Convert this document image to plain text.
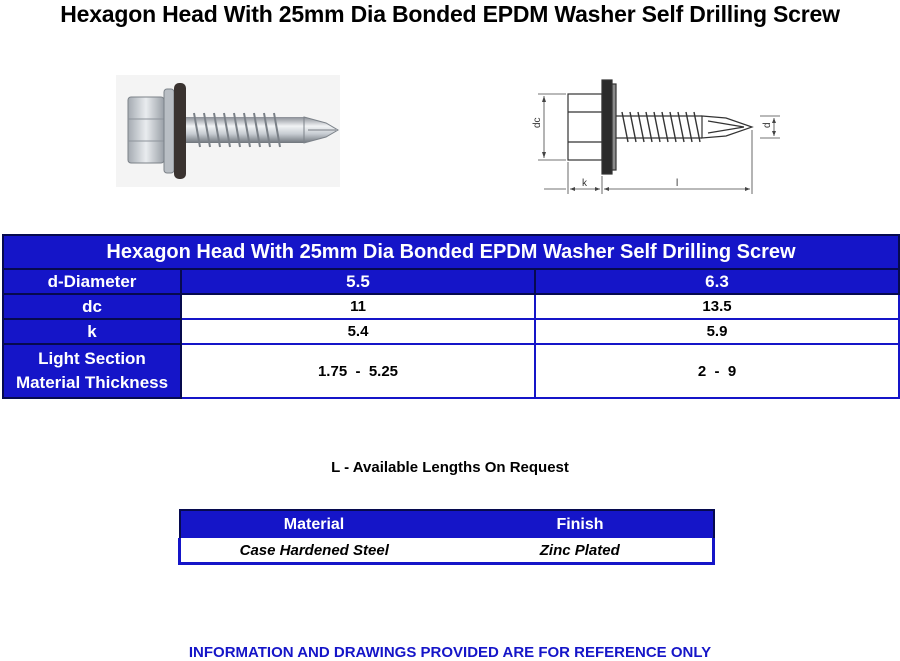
Hexagon Head With 25mm Dia Bonded EPDM Washer Self Drilling Screw
dc	d
k	l
Hexagon Head With 25mm Dia Bonded EPDM Washer Self Drilling Screw		
d-Diameter	5.5	6.3
dc	11	13.5
k	5.4	5.9

Light Section
Material Thickness	1.75  -  5.25	2  -  9
L - Available Lengths On Request
Material	Finish
Case Hardened Steel	Zinc Plated
INFORMATION AND DRAWINGS PROVIDED ARE FOR REFERENCE ONLY
